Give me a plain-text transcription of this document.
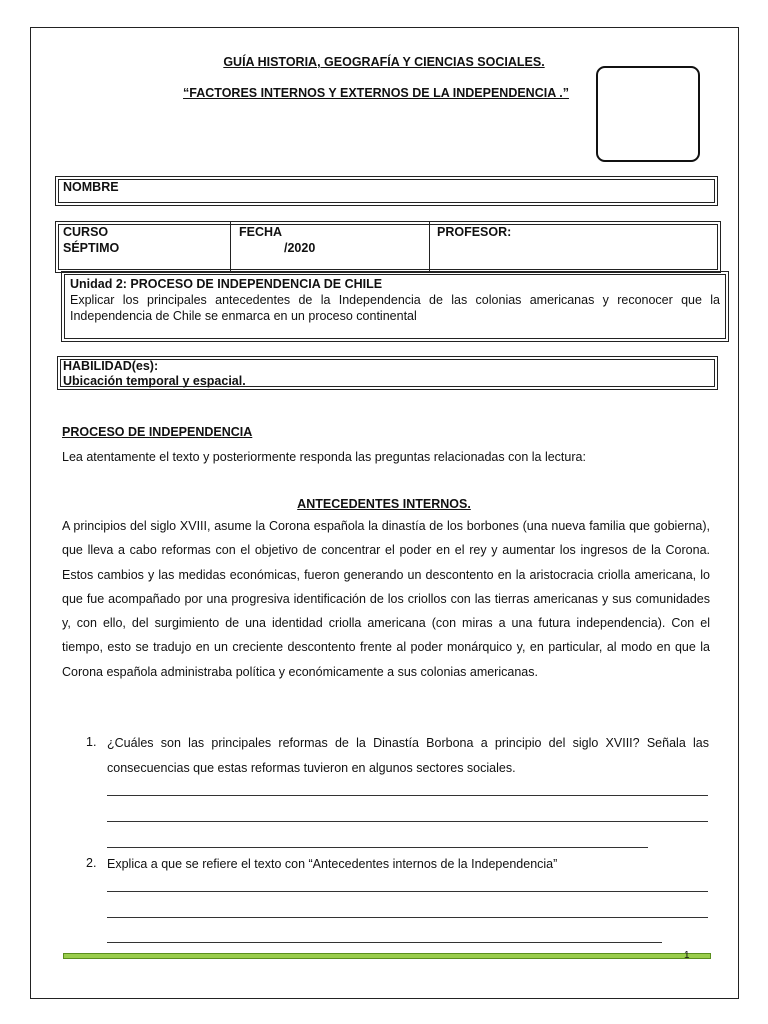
GUÍA HISTORIA, GEOGRAFÍA Y CIENCIAS SOCIALES.
“FACTORES INTERNOS Y EXTERNOS DE LA INDEPENDENCIA .”
NOMBRE
CURSO
SÉPTIMO
FECHA
/2020
PROFESOR:
Unidad 2: PROCESO DE INDEPENDENCIA DE CHILE
Explicar los principales antecedentes de la Independencia de las colonias americanas y reconocer que la Independencia de Chile se enmarca en un proceso continental
HABILIDAD(es):
Ubicación temporal y espacial.
PROCESO DE INDEPENDENCIA
Lea atentamente el texto y posteriormente responda las preguntas relacionadas con la lectura:
ANTECEDENTES INTERNOS.
A principios del siglo XVIII, asume la Corona española la dinastía de los borbones (una nueva familia que gobierna), que lleva a cabo reformas con el objetivo de concentrar el poder en el rey y aumentar los ingresos de la Corona. Estos cambios y las medidas económicas, fueron generando un descontento en la aristocracia criolla americana, lo que fue acompañado por una progresiva identificación de los criollos con las tierras americanas y sus comunidades y, con ello, del surgimiento de una identidad criolla americana (con miras a una futura independencia). Con el tiempo, esto se tradujo en un creciente descontento frente al poder monárquico y, en particular, al modo en que la Corona española administraba política y económicamente a sus colonias americanas.
1. ¿Cuáles son las principales reformas de la Dinastía Borbona a principio del siglo XVIII? Señala las consecuencias que estas reformas tuvieron en algunos sectores sociales.
2. Explica a que se refiere el texto con “Antecedentes internos de la Independencia”
1
